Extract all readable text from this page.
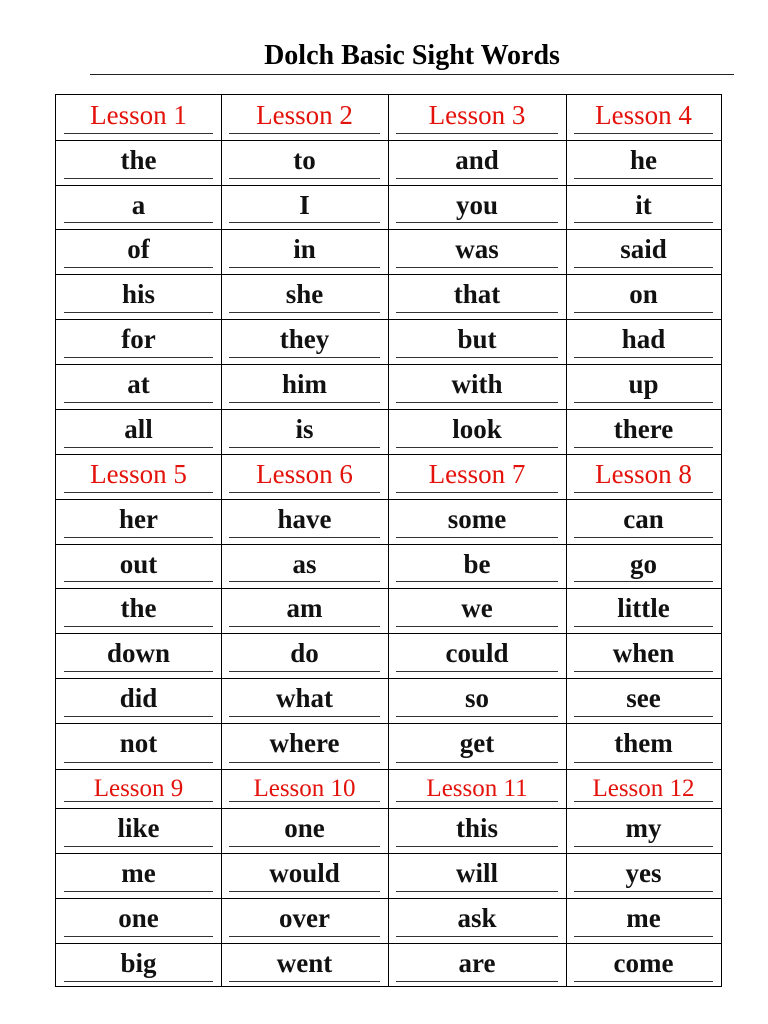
Dolch Basic Sight Words
Lesson 1	Lesson 2	Lesson 3	Lesson 4
the	to	and	he
a	I	you	it
of	in	was	said
his	she	that	on
for	they	but	had
at	him	with	up
all	is	look	there
Lesson 5	Lesson 6	Lesson 7	Lesson 8
her	have	some	can
out	as	be	go
the	am	we	little
down	do	could	when
did	what	so	see
not	where	get	them
Lesson 9	Lesson 10	Lesson 11	Lesson 12
like	one	this	my
me	would	will	yes
one	over	ask	me
big	went	are	come
